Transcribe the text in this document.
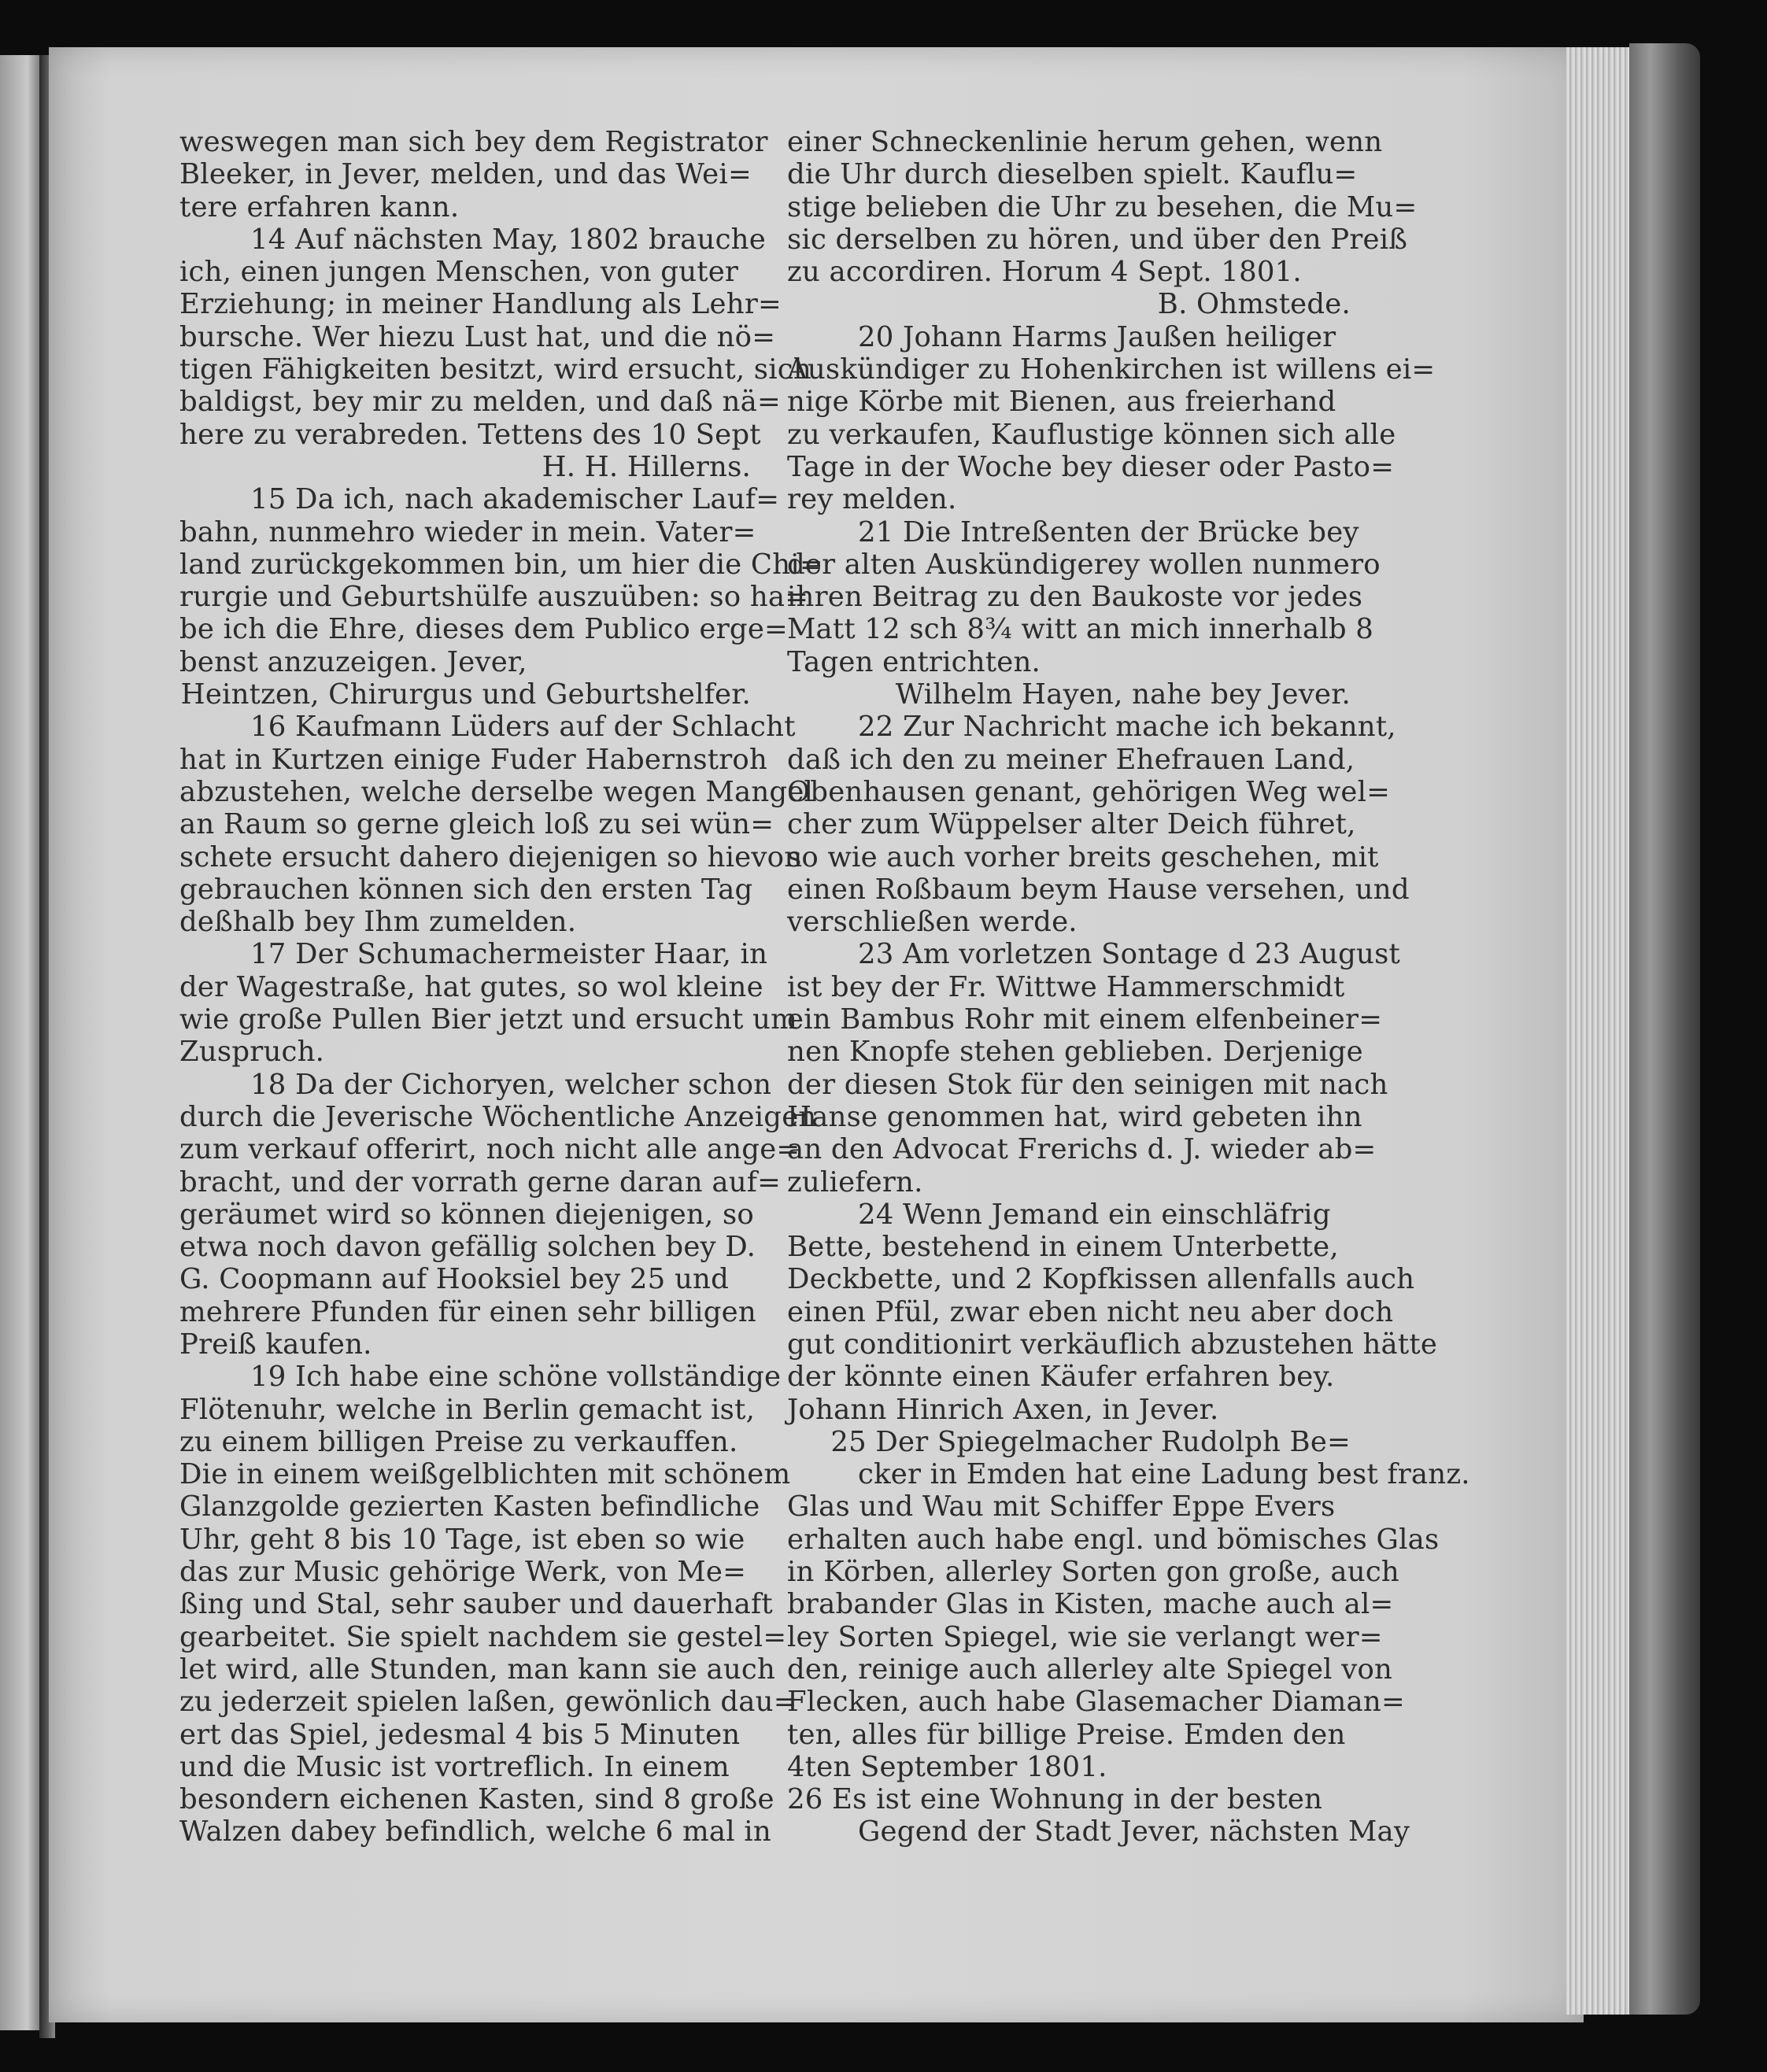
weswegen man sich bey dem Registrator
Bleeker, in Jever, melden, und das Wei=
tere erfahren kann.
14 Auf nächsten May, 1802 brauche
ich, einen jungen Menschen, von guter
Erziehung; in meiner Handlung als Lehr=
bursche. Wer hiezu Lust hat, und die nö=
tigen Fähigkeiten besitzt, wird ersucht, sich
baldigst, bey mir zu melden, und daß nä=
here zu verabreden. Tettens des 10 Sept
H. H. Hillerns.
15 Da ich, nach akademischer Lauf=
bahn, nunmehro wieder in mein. Vater=
land zurückgekommen bin, um hier die Chi=
rurgie und Geburtshülfe auszuüben: so ha=
be ich die Ehre, dieses dem Publico erge=
benst anzuzeigen. Jever,
Heintzen, Chirurgus und Geburtshelfer.
16 Kaufmann Lüders auf der Schlacht
hat in Kurtzen einige Fuder Habernstroh
abzustehen, welche derselbe wegen Mangel
an Raum so gerne gleich loß zu sei wün=
schete ersucht dahero diejenigen so hievon
gebrauchen können sich den ersten Tag
deßhalb bey Ihm zumelden.
17 Der Schumachermeister Haar, in
der Wagestraße, hat gutes, so wol kleine
wie große Pullen Bier jetzt und ersucht um
Zuspruch.
18 Da der Cichoryen, welcher schon
durch die Jeverische Wöchentliche Anzeigen
zum verkauf offerirt, noch nicht alle ange=
bracht, und der vorrath gerne daran auf=
geräumet wird so können diejenigen, so
etwa noch davon gefällig solchen bey D.
G. Coopmann auf Hooksiel bey 25 und
mehrere Pfunden für einen sehr billigen
Preiß kaufen.
19 Ich habe eine schöne vollständige
Flötenuhr, welche in Berlin gemacht ist,
zu einem billigen Preise zu verkauffen.
Die in einem weißgelblichten mit schönem
Glanzgolde gezierten Kasten befindliche
Uhr, geht 8 bis 10 Tage, ist eben so wie
das zur Music gehörige Werk, von Me=
ßing und Stal, sehr sauber und dauerhaft
gearbeitet. Sie spielt nachdem sie gestel=
let wird, alle Stunden, man kann sie auch
zu jederzeit spielen laßen, gewönlich dau=
ert das Spiel, jedesmal 4 bis 5 Minuten
und die Music ist vortreflich. In einem
besondern eichenen Kasten, sind 8 große
Walzen dabey befindlich, welche 6 mal in
einer Schneckenlinie herum gehen, wenn
die Uhr durch dieselben spielt. Kauflu=
stige belieben die Uhr zu besehen, die Mu=
sic derselben zu hören, und über den Preiß
zu accordiren. Horum 4 Sept. 1801.
B. Ohmstede.
20 Johann Harms Jaußen heiliger
Auskündiger zu Hohenkirchen ist willens ei=
nige Körbe mit Bienen, aus freierhand
zu verkaufen, Kauflustige können sich alle
Tage in der Woche bey dieser oder Pasto=
rey melden.
21 Die Intreßenten der Brücke bey
der alten Auskündigerey wollen nunmero
ihren Beitrag zu den Baukoste vor jedes
Matt 12 sch 8¾ witt an mich innerhalb 8
Tagen entrichten.
Wilhelm Hayen, nahe bey Jever.
22 Zur Nachricht mache ich bekannt,
daß ich den zu meiner Ehefrauen Land,
Obenhausen genant, gehörigen Weg wel=
cher zum Wüppelser alter Deich führet,
so wie auch vorher breits geschehen, mit
einen Roßbaum beym Hause versehen, und
verschließen werde.
23 Am vorletzen Sontage d 23 August
ist bey der Fr. Wittwe Hammerschmidt
ein Bambus Rohr mit einem elfenbeiner=
nen Knopfe stehen geblieben. Derjenige
der diesen Stok für den seinigen mit nach
Hanse genommen hat, wird gebeten ihn
an den Advocat Frerichs d. J. wieder ab=
zuliefern.
24 Wenn Jemand ein einschläfrig
Bette, bestehend in einem Unterbette,
Deckbette, und 2 Kopfkissen allenfalls auch
einen Pfül, zwar eben nicht neu aber doch
gut conditionirt verkäuflich abzustehen hätte
der könnte einen Käufer erfahren bey.
Johann Hinrich Axen, in Jever.
25 Der Spiegelmacher Rudolph Be=
cker in Emden hat eine Ladung best franz.
Glas und Wau mit Schiffer Eppe Evers
erhalten auch habe engl. und bömisches Glas
in Körben, allerley Sorten gon große, auch
brabander Glas in Kisten, mache auch al=
ley Sorten Spiegel, wie sie verlangt wer=
den, reinige auch allerley alte Spiegel von
Flecken, auch habe Glasemacher Diaman=
ten, alles für billige Preise. Emden den
4ten September 1801.
26 Es ist eine Wohnung in der besten
Gegend der Stadt Jever, nächsten May
